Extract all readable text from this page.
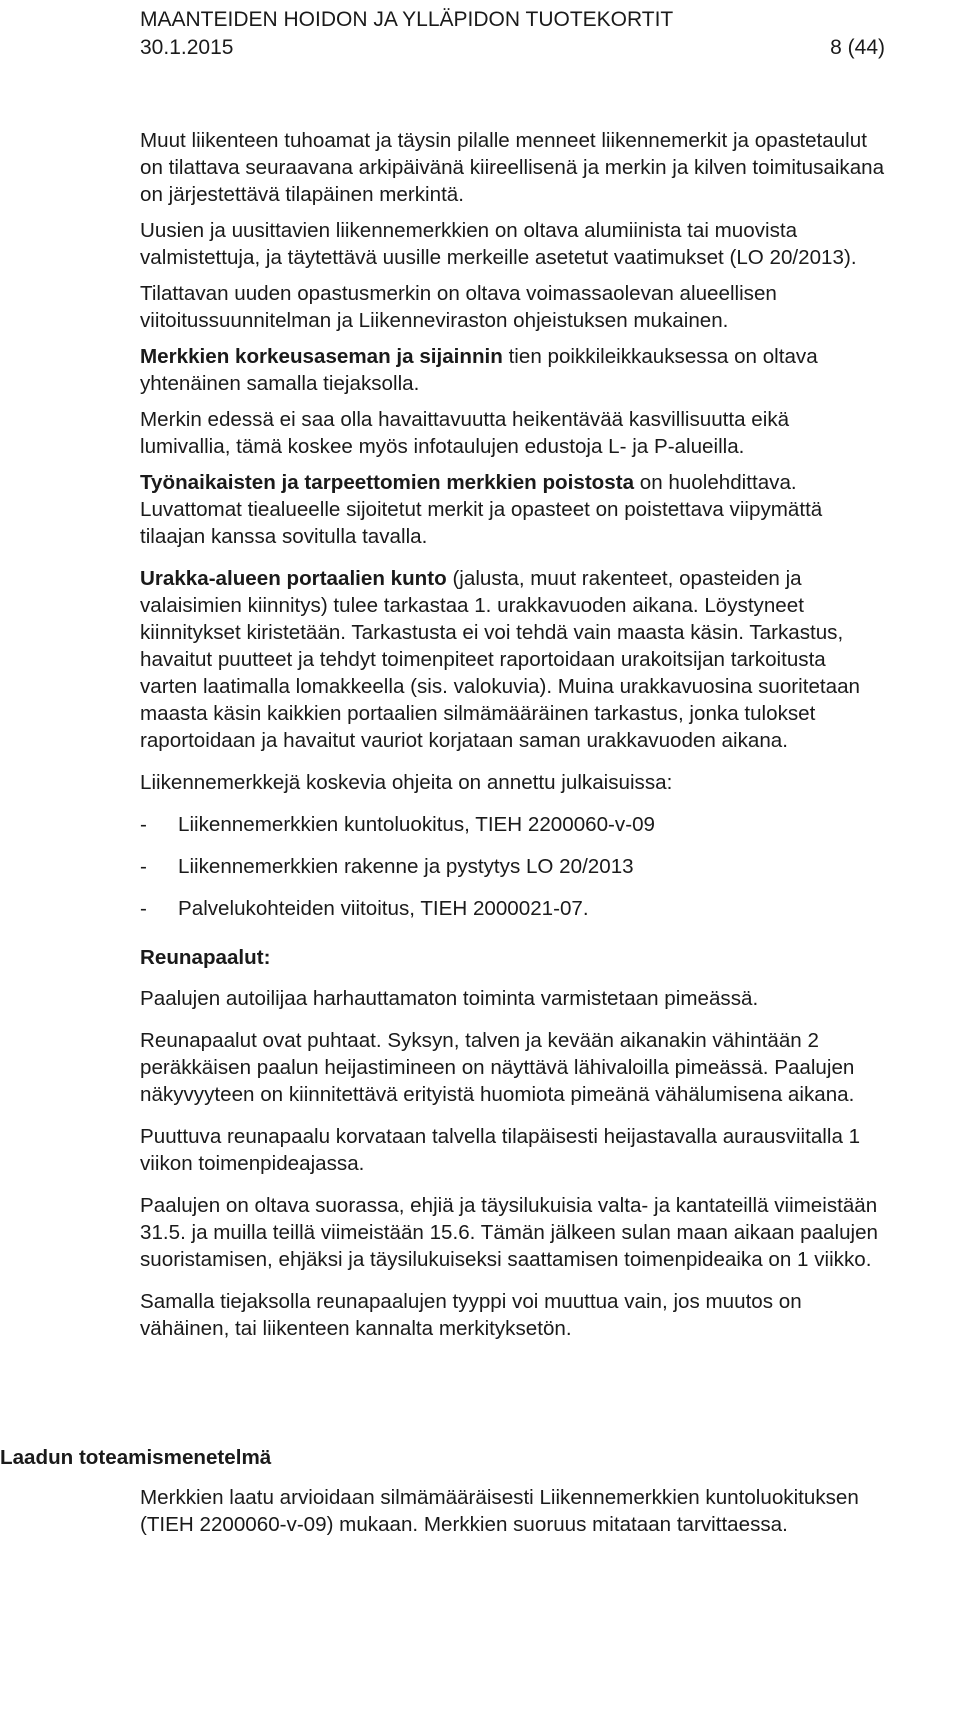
MAANTEIDEN HOIDON JA YLLÄPIDON TUOTEKORTIT
30.1.2015	8 (44)

Muut liikenteen tuhoamat ja täysin pilalle menneet liikennemerkit ja opastetaulut on tilattava seuraavana arkipäivänä kiireellisenä ja merkin ja kilven toimitusaikana on järjestettävä tilapäinen merkintä.

Uusien ja uusittavien liikennemerkkien on oltava alumiinista tai muovista valmistettuja, ja täytettävä uusille merkeille asetetut vaatimukset (LO 20/2013).

Tilattavan uuden opastusmerkin on oltava voimassaolevan alueellisen viitoitussuunnitelman ja Liikenneviraston ohjeistuksen mukainen.

Merkkien korkeusaseman ja sijainnin tien poikkileikkauksessa on oltava yhtenäinen samalla tiejaksolla.

Merkin edessä ei saa olla havaittavuutta heikentävää kasvillisuutta eikä lumivallia, tämä koskee myös infotaulujen edustoja L- ja P-alueilla.

Työnaikaisten ja tarpeettomien merkkien poistosta on huolehdittava. Luvattomat tiealueelle sijoitetut merkit ja opasteet on poistettava viipymättä tilaajan kanssa sovitulla tavalla.

Urakka-alueen portaalien kunto (jalusta, muut rakenteet, opasteiden ja valaisimien kiinnitys) tulee tarkastaa 1. urakkavuoden aikana. Löystyneet kiinnitykset kiristetään. Tarkastusta ei voi tehdä vain maasta käsin. Tarkastus, havaitut puutteet ja tehdyt toimenpiteet raportoidaan urakoitsijan tarkoitusta varten laatimalla lomakkeella (sis. valokuvia). Muina urakkavuosina suoritetaan maasta käsin kaikkien portaalien silmämääräinen tarkastus, jonka tulokset raportoidaan ja havaitut vauriot korjataan saman urakkavuoden aikana.

Liikennemerkkejä koskevia ohjeita on annettu julkaisuissa:

-	Liikennemerkkien kuntoluokitus, TIEH 2200060-v-09
-	Liikennemerkkien rakenne ja pystytys LO 20/2013
-	Palvelukohteiden viitoitus, TIEH 2000021-07.

Reunapaalut:

Paalujen autoilijaa harhauttamaton toiminta varmistetaan pimeässä.

Reunapaalut ovat puhtaat. Syksyn, talven ja kevään aikanakin vähintään 2 peräkkäisen paalun heijastimineen on näyttävä lähivaloilla pimeässä. Paalujen näkyvyyteen on kiinnitettävä erityistä huomiota pimeänä vähälumisena aikana.

Puuttuva reunapaalu korvataan talvella tilapäisesti heijastavalla aurausviitalla 1 viikon toimenpideajassa.

Paalujen on oltava suorassa, ehjiä ja täysilukuisia valta- ja kantateillä viimeistään 31.5. ja muilla teillä viimeistään 15.6. Tämän jälkeen sulan maan aikaan paalujen suoristamisen, ehjäksi ja täysilukuiseksi saattamisen toimenpideaika on 1 viikko.

Samalla tiejaksolla reunapaalujen tyyppi voi muuttua vain, jos muutos on vähäinen, tai liikenteen kannalta merkityksetön.

Laadun toteamismenetelmä

Merkkien laatu arvioidaan silmämääräisesti Liikennemerkkien kuntoluokituksen (TIEH 2200060-v-09) mukaan. Merkkien suoruus mitataan tarvittaessa.
